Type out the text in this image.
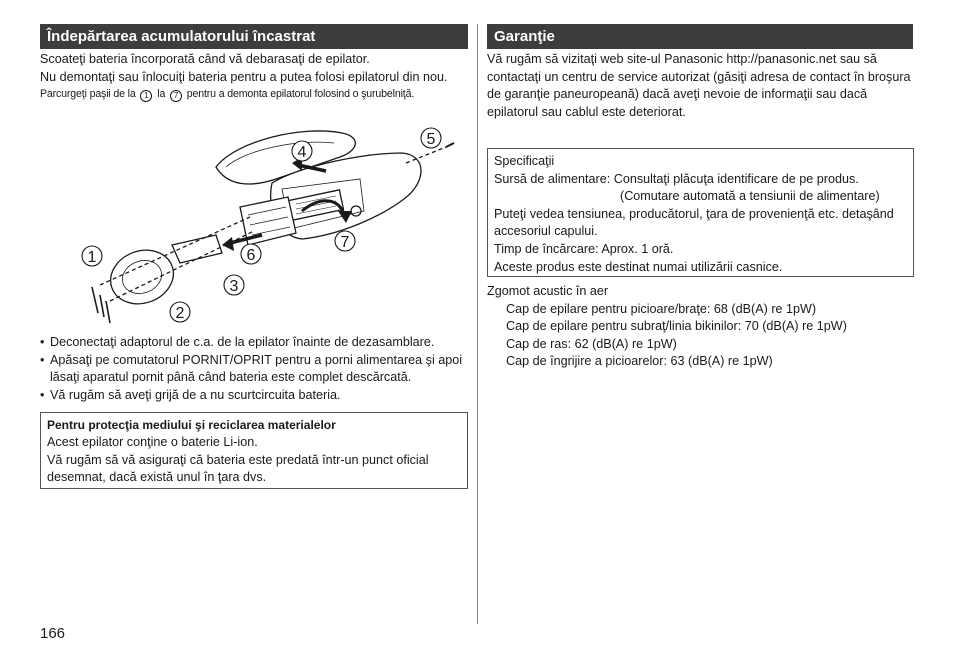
Îndepărtarea acumulatorului încastrat

Scoateţi bateria încorporată când vă debarasaţi de epilator.

Nu demontaţi sau înlocuiţi bateria pentru a putea folosi epilatorul din nou.

Parcurgeţi paşii de la 1 la 7 pentru a demonta epilatorul folosind o şurubelniţă.
1
2
3
4
5
6
7
• Deconectaţi adaptorul de c.a. de la epilator înainte de dezasamblare.
• Apăsaţi pe comutatorul PORNIT/OPRIT pentru a porni alimentarea şi apoi lăsaţi aparatul pornit până când bateria este complet descărcată.
• Vă rugăm să aveţi grijă de a nu scurtcircuita bateria.
Pentru protecţia mediului şi reciclarea materialelor
Acest epilator conţine o baterie Li-ion.
Vă rugăm să vă asiguraţi că bateria este predată într-un punct oficial desemnat, dacă există unul în ţara dvs.
Garanţie

Vă rugăm să vizitaţi web site-ul Panasonic http://panasonic.net sau să contactaţi un centru de service autorizat (găsiţi adresa de contact în broşura de garanţie paneuropeană) dacă aveţi nevoie de informaţii sau dacă epilatorul sau cablul este deteriorat.

Specificaţii
Sursă de alimentare:
Consultaţi plăcuţa identificare de pe produs.
(Comutare automată a tensiunii de alimentare)
Puteţi vedea tensiunea, producătorul, ţara de provenienţă etc. detaşând accesoriul capului.
Timp de încărcare: Aprox. 1 oră.
Aceste produs este destinat numai utilizării casnice.
Zgomot acustic în aer
Cap de epilare pentru picioare/braţe: 68 (dB(A) re 1pW)
Cap de epilare pentru subraţ/linia bikinilor: 70 (dB(A) re 1pW)
Cap de ras: 62 (dB(A) re 1pW)
Cap de îngrijire a picioarelor: 63 (dB(A) re 1pW)
166
